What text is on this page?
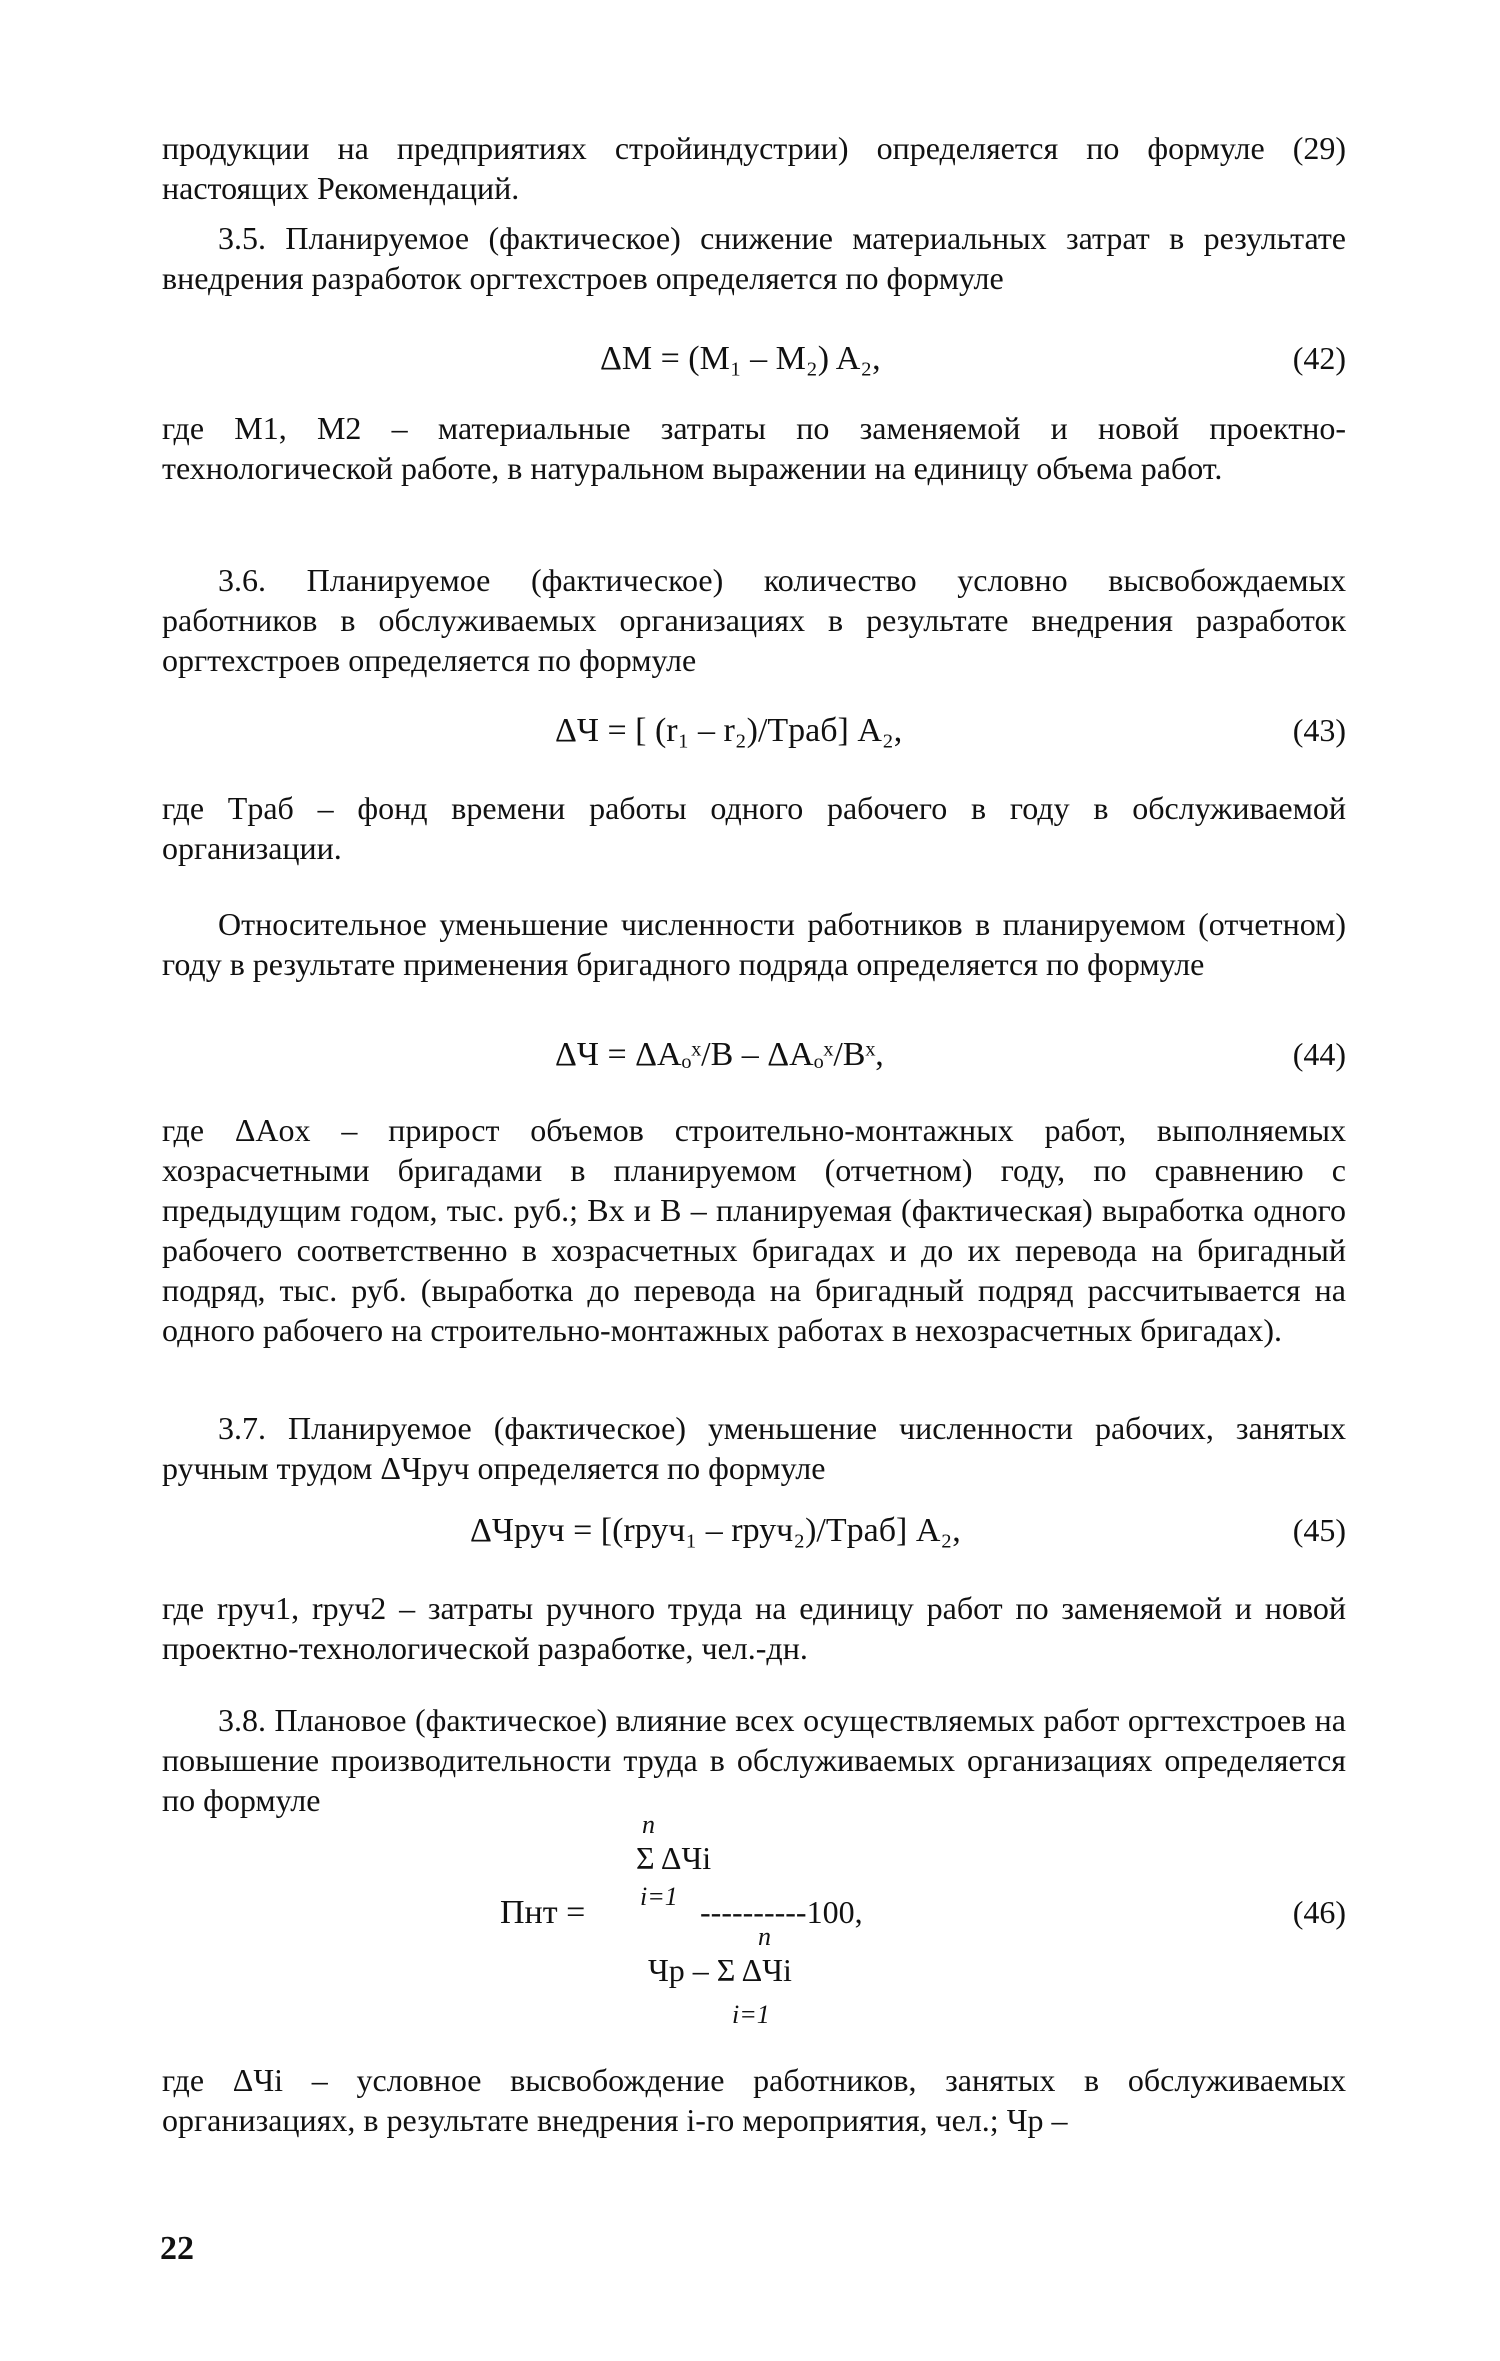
продукции на предприятиях стройиндустрии) определяется по формуле (29) настоящих Рекомендаций.

3.5. Планируемое (фактическое) снижение материальных затрат в результате внедрения разработок оргтехстроев определяется по формуле

ΔM = (M₁ – M₂) A₂,	(42)

где M1, M2 – материальные затраты по заменяемой и новой проектно-технологической работе, в натуральном выражении на единицу объема работ.

3.6. Планируемое (фактическое) количество условно высвобождаемых работников в обслуживаемых организациях в результате внедрения разработок оргтехстроев определяется по формуле

ΔЧ = [ (r₁ – r₂)/Tраб] A₂,	(43)

где Tраб – фонд времени работы одного рабочего в году в обслуживаемой организации.

Относительное уменьшение численности работников в планируемом (отчетном) году в результате применения бригадного подряда определяется по формуле

ΔЧ = ΔAₒˣ/B – ΔAₒˣ/Bˣ,	(44)

где ΔAоx – прирост объемов строительно-монтажных работ, выполняемых хозрасчетными бригадами в планируемом (отчетном) году, по сравнению с предыдущим годом, тыс. руб.; Bx и B – планируемая (фактическая) выработка одного рабочего соответственно в хозрасчетных бригадах и до их перевода на бригадный подряд, тыс. руб. (выработка до перевода на бригадный подряд рассчитывается на одного рабочего на строительно-монтажных работах в нехозрасчетных бригадах).

3.7. Планируемое (фактическое) уменьшение численности рабочих, занятых ручным трудом ΔЧруч определяется по формуле

ΔЧруч = [(rруч₁ – rруч₂)/Tраб] A₂,	(45)

где rруч1, rруч2 – затраты ручного труда на единицу работ по заменяемой и новой проектно-технологической разработке, чел.-дн.

3.8. Плановое (фактическое) влияние всех осуществляемых работ оргтехстроев на повышение производительности труда в обслуживаемых организациях определяется по формуле

n
Σ ΔЧi
Пнт = i=1 ----------100,
n
Чр – Σ ΔЧi
i=1
(46)

где ΔЧi – условное высвобождение работников, занятых в обслуживаемых организациях, в результате внедрения i-го мероприятия, чел.; Чр –

22
